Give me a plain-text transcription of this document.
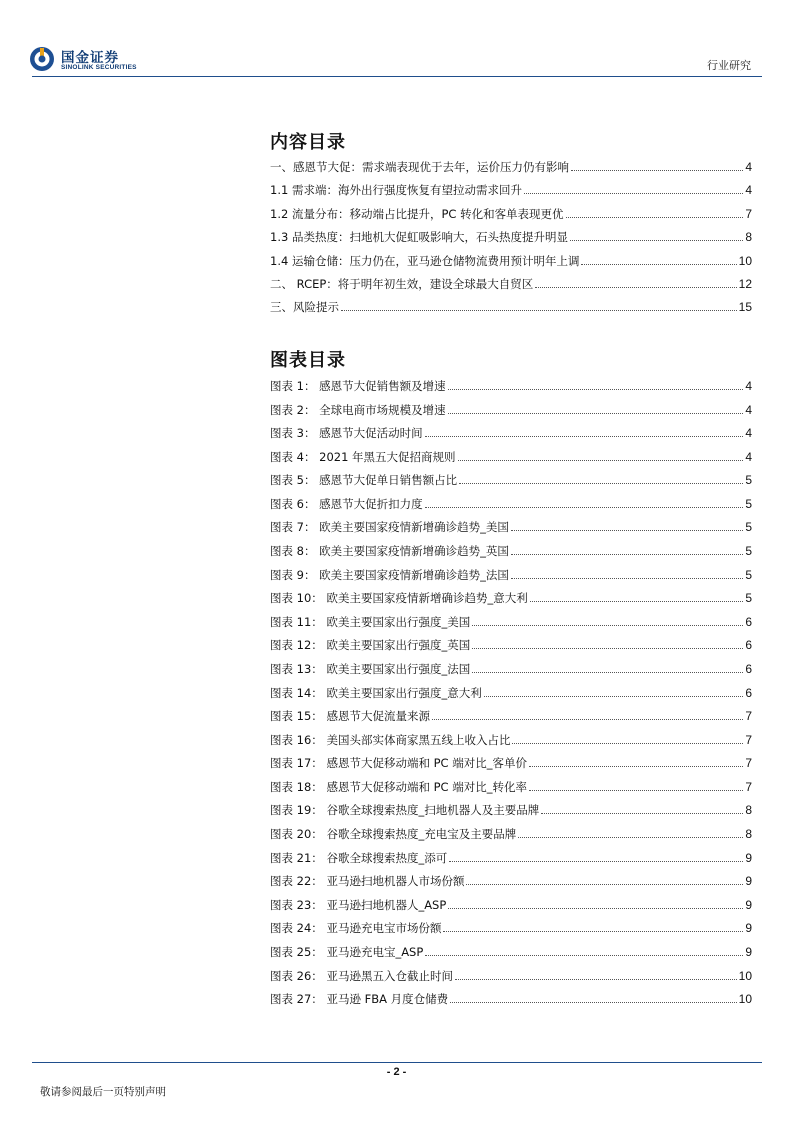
国金证券
SINOLINK SECURITIES	行业研究
内容目录
一、感恩节大促：需求端表现优于去年，运价压力仍有影响	4
1.1 需求端：海外出行强度恢复有望拉动需求回升	4
1.2 流量分布：移动端占比提升，PC 转化和客单表现更优	7
1.3 品类热度：扫地机大促虹吸影响大，石头热度提升明显	8
1.4 运输仓储：压力仍在，亚马逊仓储物流费用预计明年上调	10
二、 RCEP：将于明年初生效，建设全球最大自贸区	12
三、风险提示	15
图表目录
图表 1： 感恩节大促销售额及增速	4
图表 2： 全球电商市场规模及增速	4
图表 3： 感恩节大促活动时间	4
图表 4： 2021 年黑五大促招商规则	4
图表 5： 感恩节大促单日销售额占比	5
图表 6： 感恩节大促折扣力度	5
图表 7： 欧美主要国家疫情新增确诊趋势_美国	5
图表 8： 欧美主要国家疫情新增确诊趋势_英国	5
图表 9： 欧美主要国家疫情新增确诊趋势_法国	5
图表 10： 欧美主要国家疫情新增确诊趋势_意大利	5
图表 11： 欧美主要国家出行强度_美国	6
图表 12： 欧美主要国家出行强度_英国	6
图表 13： 欧美主要国家出行强度_法国	6
图表 14： 欧美主要国家出行强度_意大利	6
图表 15： 感恩节大促流量来源	7
图表 16： 美国头部实体商家黑五线上收入占比	7
图表 17： 感恩节大促移动端和 PC 端对比_客单价	7
图表 18： 感恩节大促移动端和 PC 端对比_转化率	7
图表 19： 谷歌全球搜索热度_扫地机器人及主要品牌	8
图表 20： 谷歌全球搜索热度_充电宝及主要品牌	8
图表 21： 谷歌全球搜索热度_添可	9
图表 22： 亚马逊扫地机器人市场份额	9
图表 23： 亚马逊扫地机器人_ASP	9
图表 24： 亚马逊充电宝市场份额	9
图表 25： 亚马逊充电宝_ASP	9
图表 26： 亚马逊黑五入仓截止时间	10
图表 27： 亚马逊 FBA 月度仓储费	10
- 2 -
敬请参阅最后一页特别声明
